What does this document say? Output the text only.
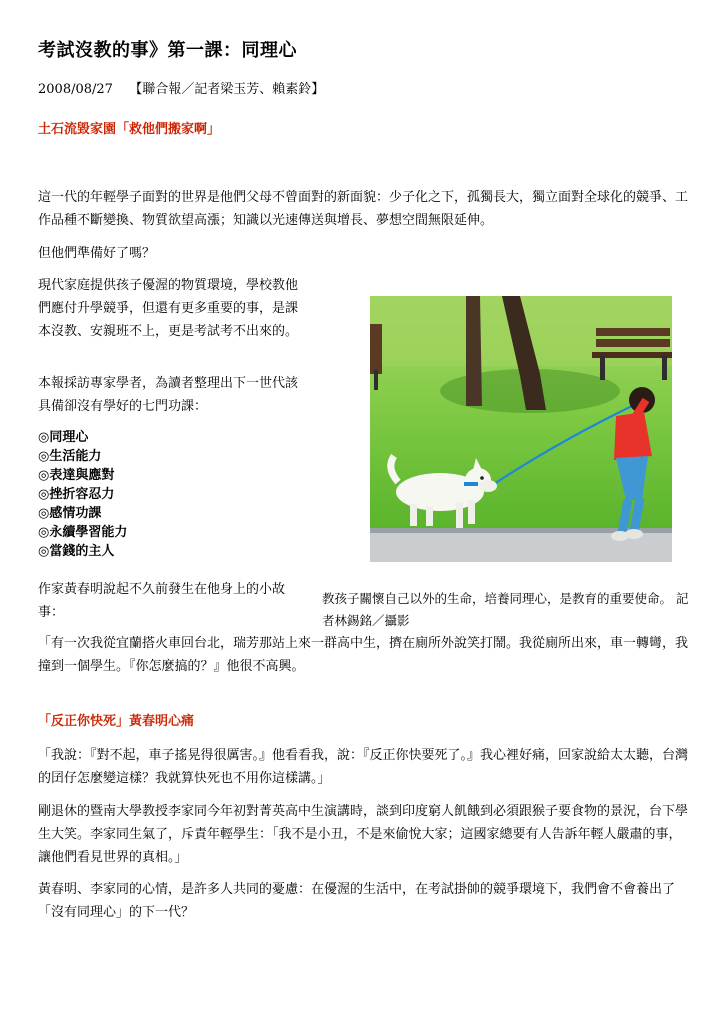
考試沒教的事》第一課：同理心
2008/08/27 【聯合報／記者梁玉芳、賴素鈴】
土石流毀家園「救他們搬家啊」
這一代的年輕學子面對的世界是他們父母不曾面對的新面貌：少子化之下，孤獨長大，獨立面對全球化的競爭、工作品種不斷變換、物質欲望高漲；知識以光速傳送與增長、夢想空間無限延伸。
但他們準備好了嗎？
現代家庭提供孩子優渥的物質環境，學校教他們應付升學競爭，但還有更多重要的事，是課本沒教、安親班不上，更是考試考不出來的。
本報採訪專家學者，為讀者整理出下一世代該具備卻沒有學好的七門功課：
◎同理心
◎生活能力
◎表達與應對
◎挫折容忍力
◎感情功課
◎永續學習能力
◎當錢的主人
作家黃春明說起不久前發生在他身上的小故事：
教孩子關懷自己以外的生命，培養同理心，是教育的重要使命。 記者林錫銘／攝影
「有一次我從宜蘭搭火車回台北，瑞芳那站上來一群高中生，擠在廁所外說笑打鬧。我從廁所出來，車一轉彎，我撞到一個學生。『你怎麼搞的？』他很不高興。
「反正你快死」黃春明心痛
「我說：『對不起，車子搖晃得很厲害。』他看看我，說：『反正你快要死了。』我心裡好痛，回家說給太太聽，台灣的囝仔怎麼變這樣？我就算快死也不用你這樣講。」
剛退休的暨南大學教授李家同今年初對菁英高中生演講時，談到印度窮人飢餓到必須跟猴子要食物的景況，台下學生大笑。李家同生氣了，斥責年輕學生：「我不是小丑，不是來偷悅大家；這國家總要有人告訴年輕人嚴肅的事，讓他們看見世界的真相。」
黃春明、李家同的心情，是許多人共同的憂慮：在優渥的生活中，在考試掛帥的競爭環境下，我們會不會養出了「沒有同理心」的下一代？
